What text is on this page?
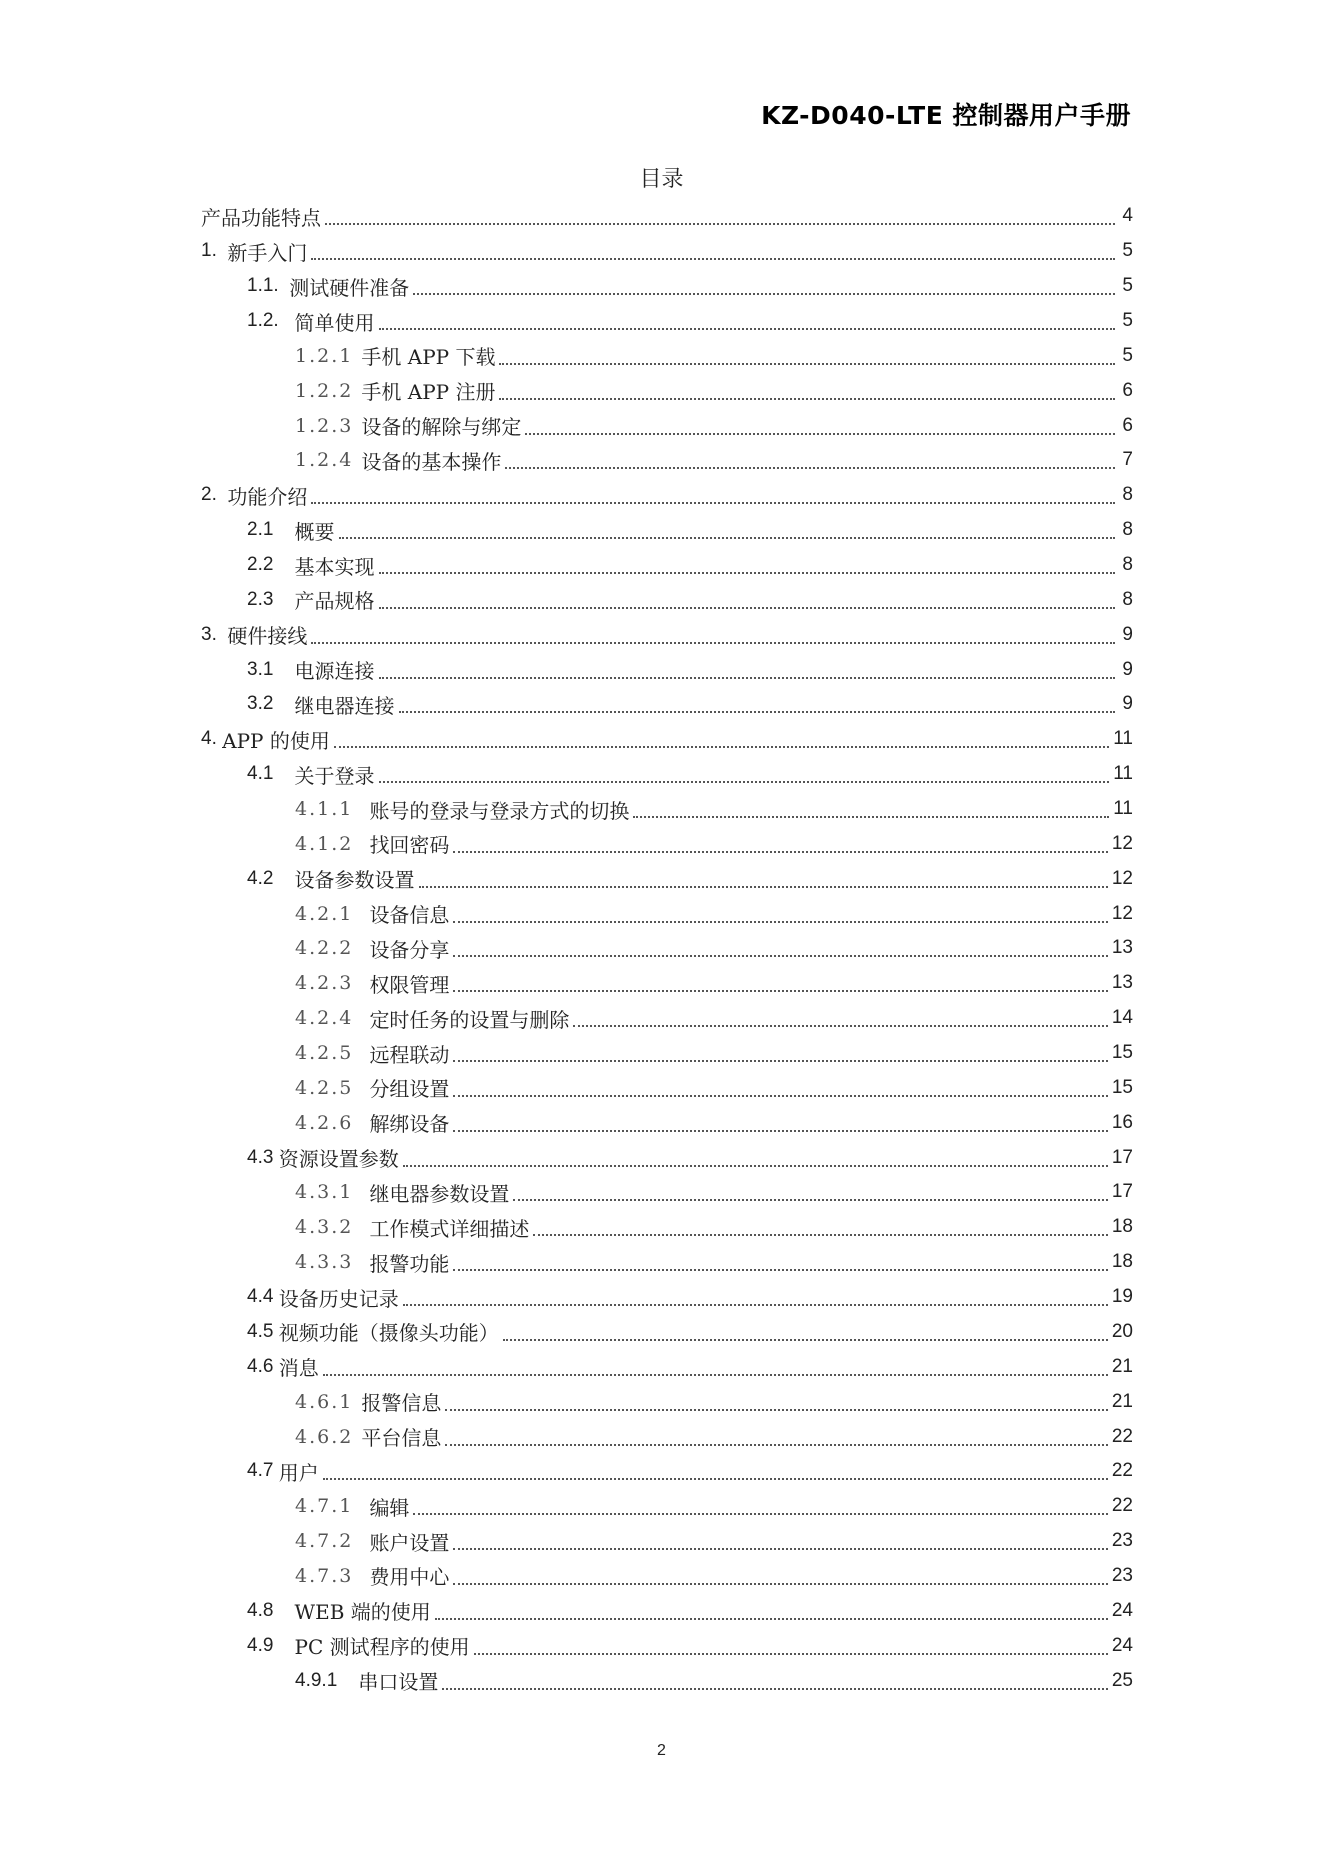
KZ-D040-LTE 控制器用户手册
目录
产品功能特点	4
1. 新手入门	5
1.1. 测试硬件准备	5
1.2. 简单使用	5
1.2.1 手机 APP 下载	5
1.2.2 手机 APP 注册	6
1.2.3 设备的解除与绑定	6
1.2.4 设备的基本操作	7
2. 功能介绍	8
2.1 概要	8
2.2 基本实现	8
2.3 产品规格	8
3. 硬件接线	9
3.1 电源连接	9
3.2 继电器连接	9
4. APP 的使用	11
4.1 关于登录	11
4.1.1 账号的登录与登录方式的切换	11
4.1.2 找回密码	12
4.2 设备参数设置	12
4.2.1 设备信息	12
4.2.2 设备分享	13
4.2.3 权限管理	13
4.2.4 定时任务的设置与删除	14
4.2.5 远程联动	15
4.2.5 分组设置	15
4.2.6 解绑设备	16
4.3 资源设置参数	17
4.3.1 继电器参数设置	17
4.3.2 工作模式详细描述	18
4.3.3 报警功能	18
4.4 设备历史记录	19
4.5 视频功能（摄像头功能）	20
4.6 消息	21
4.6.1 报警信息	21
4.6.2 平台信息	22
4.7 用户	22
4.7.1 编辑	22
4.7.2 账户设置	23
4.7.3 费用中心	23
4.8 WEB 端的使用	24
4.9 PC 测试程序的使用	24
4.9.1 串口设置	25
2
